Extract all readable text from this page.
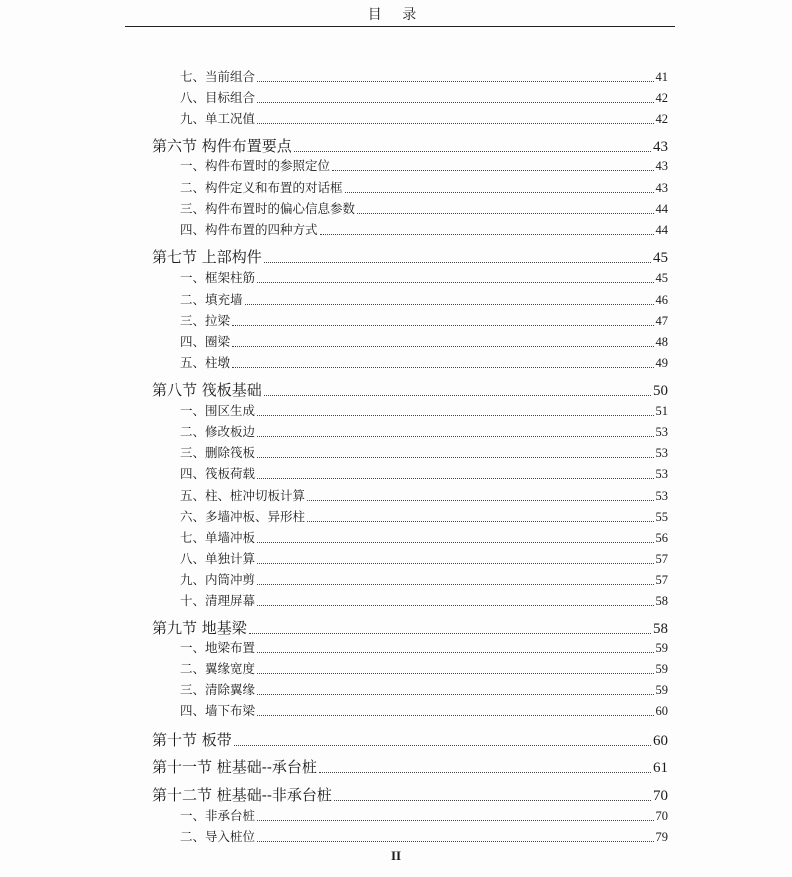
目 录
七、当前组合	41
八、目标组合	42
九、单工况值	42
第六节 构件布置要点	43
一、构件布置时的参照定位	43
二、构件定义和布置的对话框	43
三、构件布置时的偏心信息参数	44
四、构件布置的四种方式	44
第七节 上部构件	45
一、框架柱筋	45
二、填充墙	46
三、拉梁	47
四、圈梁	48
五、柱墩	49
第八节 筏板基础	50
一、围区生成	51
二、修改板边	53
三、删除筏板	53
四、筏板荷载	53
五、柱、桩冲切板计算	53
六、多墙冲板、异形柱	55
七、单墙冲板	56
八、单独计算	57
九、内筒冲剪	57
十、清理屏幕	58
第九节 地基梁	58
一、地梁布置	59
二、翼缘宽度	59
三、清除翼缘	59
四、墙下布梁	60
第十节 板带	60
第十一节 桩基础--承台桩	61
第十二节 桩基础--非承台桩	70
一、非承台桩	70
二、导入桩位	79
II
